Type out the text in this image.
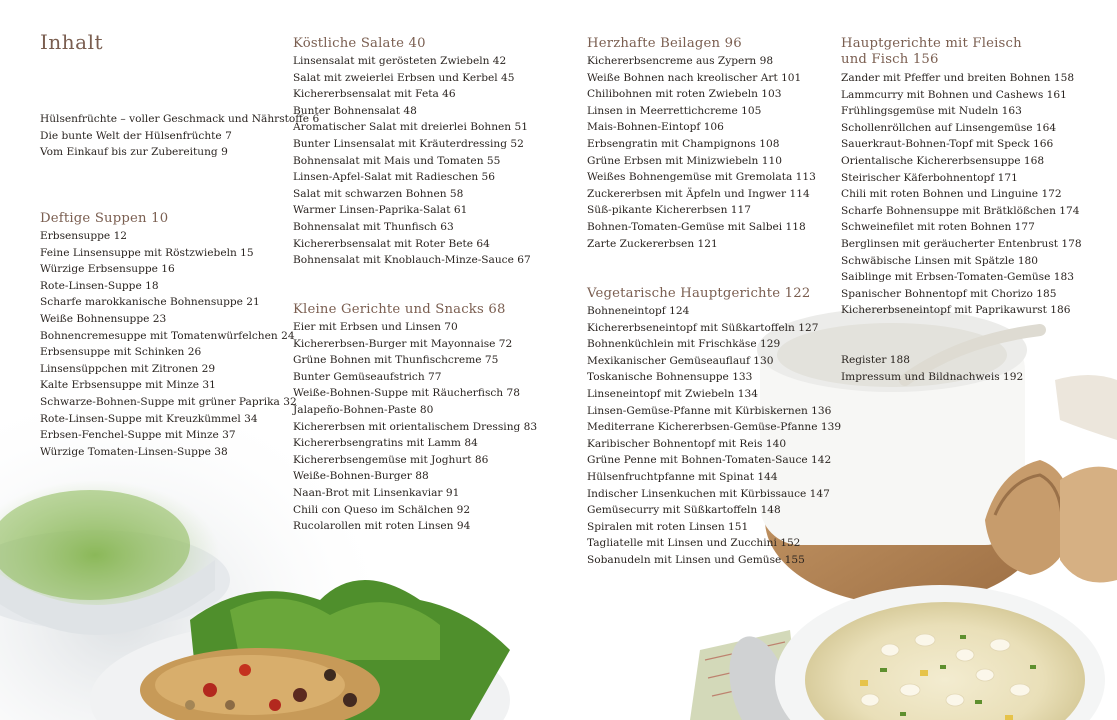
Inhalt
Hülsenfrüchte – voller Geschmack und Nährstoffe 6
Die bunte Welt der Hülsenfrüchte 7
Vom Einkauf bis zur Zubereitung 9
Deftige Suppen 10
Erbsensuppe 12
Feine Linsensuppe mit Röstzwiebeln 15
Würzige Erbsensuppe 16
Rote-Linsen-Suppe 18
Scharfe marokkanische Bohnensuppe 21
Weiße Bohnensuppe 23
Bohnencremesuppe mit Tomatenwürfelchen 24
Erbsensuppe mit Schinken 26
Linsensüppchen mit Zitronen 29
Kalte Erbsensuppe mit Minze 31
Schwarze-Bohnen-Suppe mit grüner Paprika 32
Rote-Linsen-Suppe mit Kreuzkümmel 34
Erbsen-Fenchel-Suppe mit Minze 37
Würzige Tomaten-Linsen-Suppe 38
Köstliche Salate 40
Linsensalat mit gerösteten Zwiebeln 42
Salat mit zweierlei Erbsen und Kerbel 45
Kichererbsensalat mit Feta 46
Bunter Bohnensalat 48
Aromatischer Salat mit dreierlei Bohnen 51
Bunter Linsensalat mit Kräuterdressing 52
Bohnensalat mit Mais und Tomaten 55
Linsen-Apfel-Salat mit Radieschen 56
Salat mit schwarzen Bohnen 58
Warmer Linsen-Paprika-Salat 61
Bohnensalat mit Thunfisch 63
Kichererbsensalat mit Roter Bete 64
Bohnensalat mit Knoblauch-Minze-Sauce 67
Kleine Gerichte und Snacks 68
Eier mit Erbsen und Linsen 70
Kichererbsen-Burger mit Mayonnaise 72
Grüne Bohnen mit Thunfischcreme 75
Bunter Gemüseaufstrich 77
Weiße-Bohnen-Suppe mit Räucherfisch 78
Jalapeño-Bohnen-Paste 80
Kichererbsen mit orientalischem Dressing 83
Kichererbsengratins mit Lamm 84
Kichererbsengemüse mit Joghurt 86
Weiße-Bohnen-Burger 88
Naan-Brot mit Linsenkaviar 91
Chili con Queso im Schälchen 92
Rucolarollen mit roten Linsen 94
Herzhafte Beilagen 96
Kichererbsencreme aus Zypern 98
Weiße Bohnen nach kreolischer Art 101
Chilibohnen mit roten Zwiebeln 103
Linsen in Meerrettichcreme 105
Mais-Bohnen-Eintopf 106
Erbsengratin mit Champignons 108
Grüne Erbsen mit Minizwiebeln 110
Weißes Bohnengemüse mit Gremolata 113
Zuckererbsen mit Äpfeln und Ingwer 114
Süß-pikante Kichererbsen 117
Bohnen-Tomaten-Gemüse mit Salbei 118
Zarte Zuckererbsen 121
Vegetarische Hauptgerichte 122
Bohneneintopf 124
Kichererbseneintopf mit Süßkartoffeln 127
Bohnenküchlein mit Frischkäse 129
Mexikanischer Gemüseauflauf 130
Toskanische Bohnensuppe 133
Linseneintopf mit Zwiebeln 134
Linsen-Gemüse-Pfanne mit Kürbiskernen 136
Mediterrane Kichererbsen-Gemüse-Pfanne 139
Karibischer Bohnentopf mit Reis 140
Grüne Penne mit Bohnen-Tomaten-Sauce 142
Hülsenfruchtpfanne mit Spinat 144
Indischer Linsenkuchen mit Kürbissauce 147
Gemüsecurry mit Süßkartoffeln 148
Spiralen mit roten Linsen 151
Tagliatelle mit Linsen und Zucchini 152
Sobanudeln mit Linsen und Gemüse 155
Hauptgerichte mit Fleisch
und Fisch 156
Zander mit Pfeffer und breiten Bohnen 158
Lammcurry mit Bohnen und Cashews 161
Frühlingsgemüse mit Nudeln 163
Schollenröllchen auf Linsengemüse 164
Sauerkraut-Bohnen-Topf mit Speck 166
Orientalische Kichererbsensuppe 168
Steirischer Käferbohnentopf 171
Chili mit roten Bohnen und Linguine 172
Scharfe Bohnensuppe mit Brätklößchen 174
Schweinefilet mit roten Bohnen 177
Berglinsen mit geräucherter Entenbrust 178
Schwäbische Linsen mit Spätzle 180
Saiblinge mit Erbsen-Tomaten-Gemüse 183
Spanischer Bohnentopf mit Chorizo 185
Kichererbseneintopf mit Paprikawurst 186
Register 188
Impressum und Bildnachweis 192
